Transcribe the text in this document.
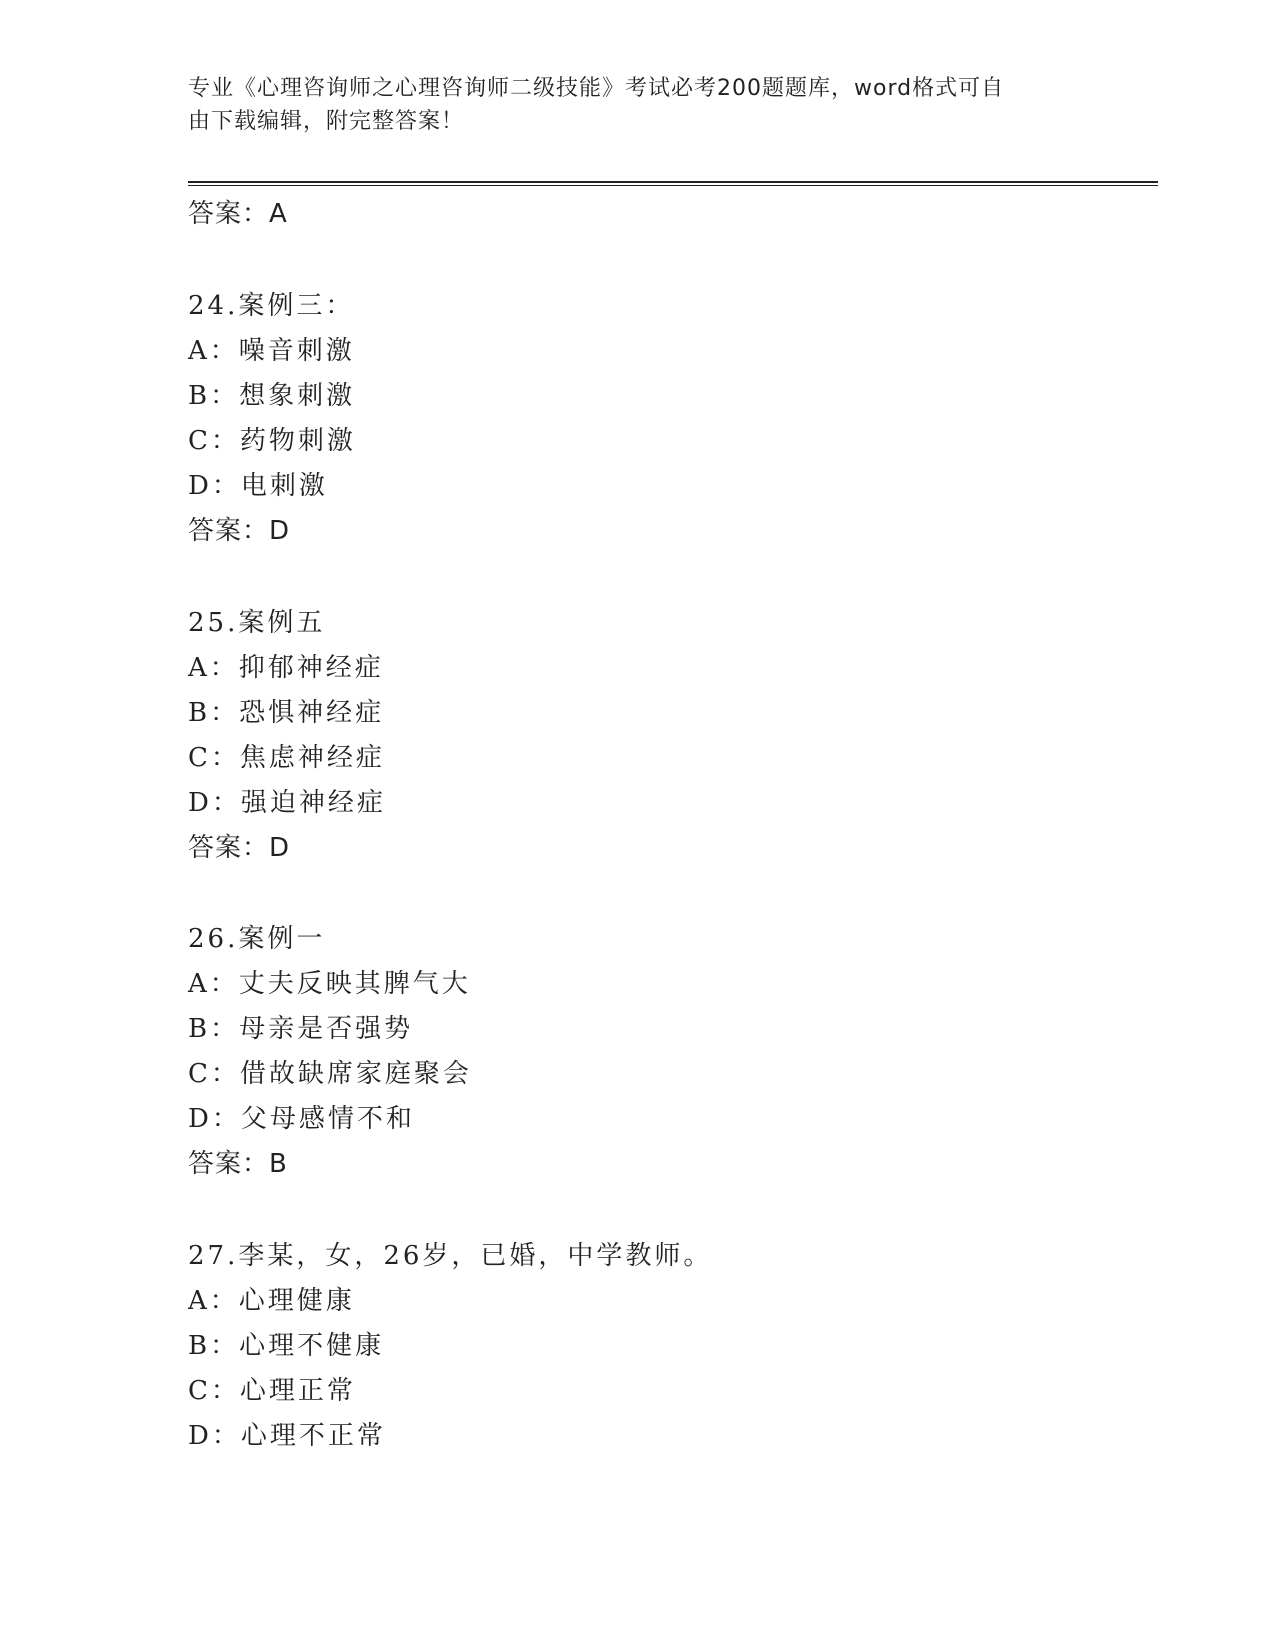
专业《心理咨询师之心理咨询师二级技能》考试必考200题题库，word格式可自
由下载编辑，附完整答案！
答案：A
24.案例三：
A：噪音刺激
B：想象刺激
C：药物刺激
D：电刺激
答案：D
25.案例五
A：抑郁神经症
B：恐惧神经症
C：焦虑神经症
D：强迫神经症
答案：D
26.案例一
A：丈夫反映其脾气大
B：母亲是否强势
C：借故缺席家庭聚会
D：父母感情不和
答案：B
27.李某，女，26岁，已婚，中学教师。
A：心理健康
B：心理不健康
C：心理正常
D：心理不正常
